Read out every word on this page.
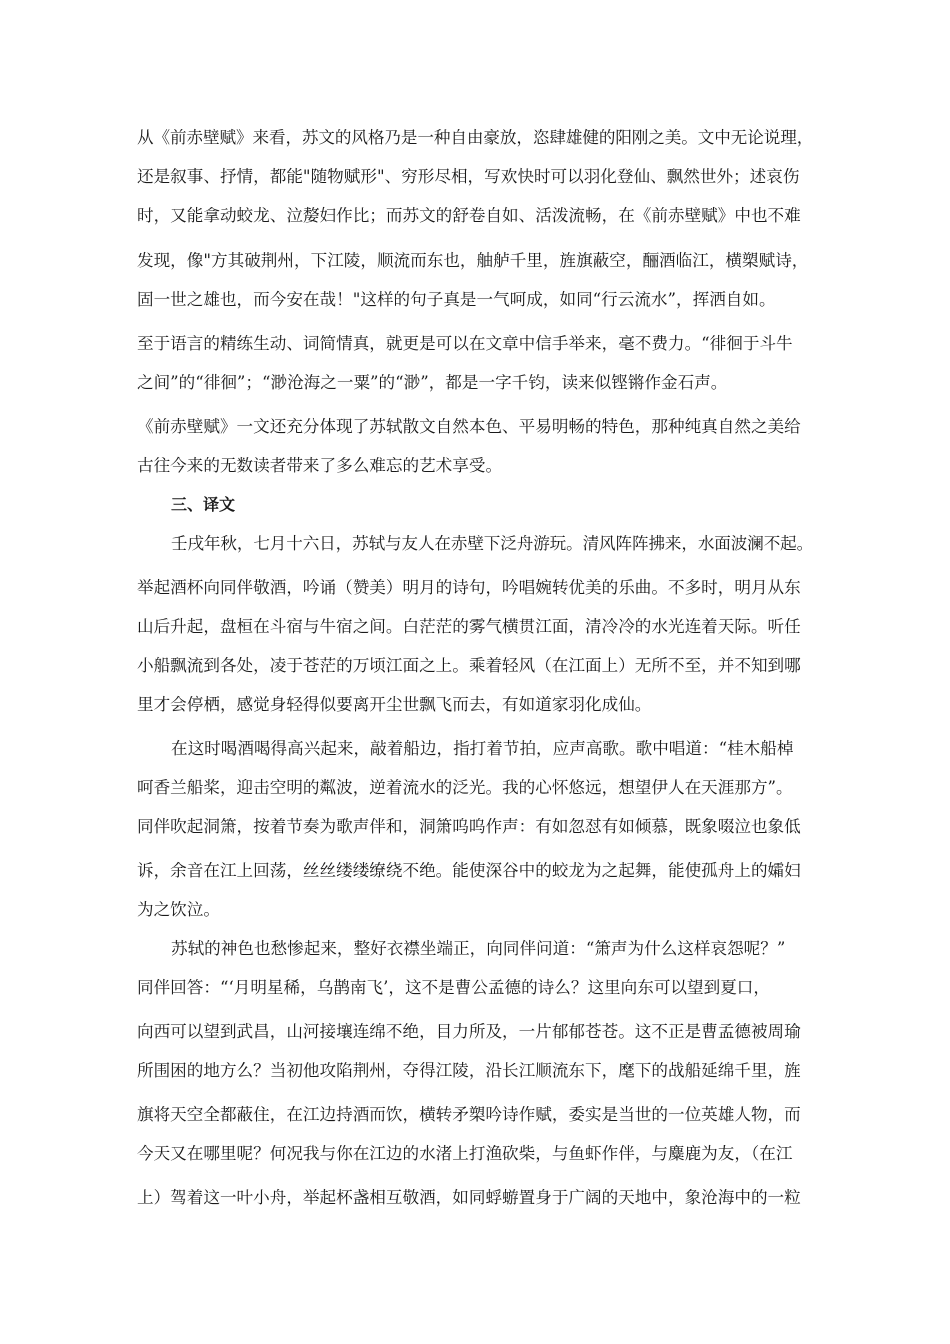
从《前赤壁赋》来看，苏文的风格乃是一种自由豪放，恣肆雄健的阳刚之美。文中无论说理，
还是叙事、抒情，都能"随物赋形"、穷形尽相，写欢快时可以羽化登仙、飘然世外；述哀伤
时，又能拿动蛟龙、泣嫠妇作比；而苏文的舒卷自如、活泼流畅，在《前赤壁赋》中也不难
发现，像"方其破荆州，下江陵，顺流而东也，舳舻千里，旌旗蔽空，酾酒临江，横槊赋诗，
固一世之雄也，而今安在哉！"这样的句子真是一气呵成，如同“行云流水”，挥洒自如。
至于语言的精练生动、词简情真，就更是可以在文章中信手举来，毫不费力。“徘徊于斗牛
之间”的“徘徊”；“渺沧海之一粟”的“渺”，都是一字千钧，读来似铿锵作金石声。
《前赤壁赋》一文还充分体现了苏轼散文自然本色、平易明畅的特色，那种纯真自然之美给
古往今来的无数读者带来了多么难忘的艺术享受。
三、译文
壬戌年秋，七月十六日，苏轼与友人在赤壁下泛舟游玩。清风阵阵拂来，水面波澜不起。
举起酒杯向同伴敬酒，吟诵（赞美）明月的诗句，吟唱婉转优美的乐曲。不多时，明月从东
山后升起，盘桓在斗宿与牛宿之间。白茫茫的雾气横贯江面，清冷冷的水光连着天际。听任
小船飘流到各处，凌于苍茫的万顷江面之上。乘着轻风（在江面上）无所不至，并不知到哪
里才会停栖，感觉身轻得似要离开尘世飘飞而去，有如道家羽化成仙。
在这时喝酒喝得高兴起来，敲着船边，指打着节拍，应声高歌。歌中唱道：“桂木船棹
呵香兰船桨，迎击空明的粼波，逆着流水的泛光。我的心怀悠远，想望伊人在天涯那方”。
同伴吹起洞箫，按着节奏为歌声伴和，洞箫呜呜作声：有如忽怼有如倾慕，既象啜泣也象低
诉，余音在江上回荡，丝丝缕缕缭绕不绝。能使深谷中的蛟龙为之起舞，能使孤舟上的孀妇
为之饮泣。
苏轼的神色也愁惨起来，整好衣襟坐端正，向同伴问道：“箫声为什么这样哀怨呢？”
同伴回答：“‘月明星稀，乌鹊南飞’，这不是曹公孟德的诗么？这里向东可以望到夏口，
向西可以望到武昌，山河接壤连绵不绝，目力所及，一片郁郁苍苍。这不正是曹孟德被周瑜
所围困的地方么？当初他攻陷荆州，夺得江陵，沿长江顺流东下，麾下的战船延绵千里，旌
旗将天空全都蔽住，在江边持酒而饮，横转矛槊吟诗作赋，委实是当世的一位英雄人物，而
今天又在哪里呢？何况我与你在江边的水渚上打渔砍柴，与鱼虾作伴，与麋鹿为友，（在江
上）驾着这一叶小舟，举起杯盏相互敬酒，如同蜉蝣置身于广阔的天地中，象沧海中的一粒
